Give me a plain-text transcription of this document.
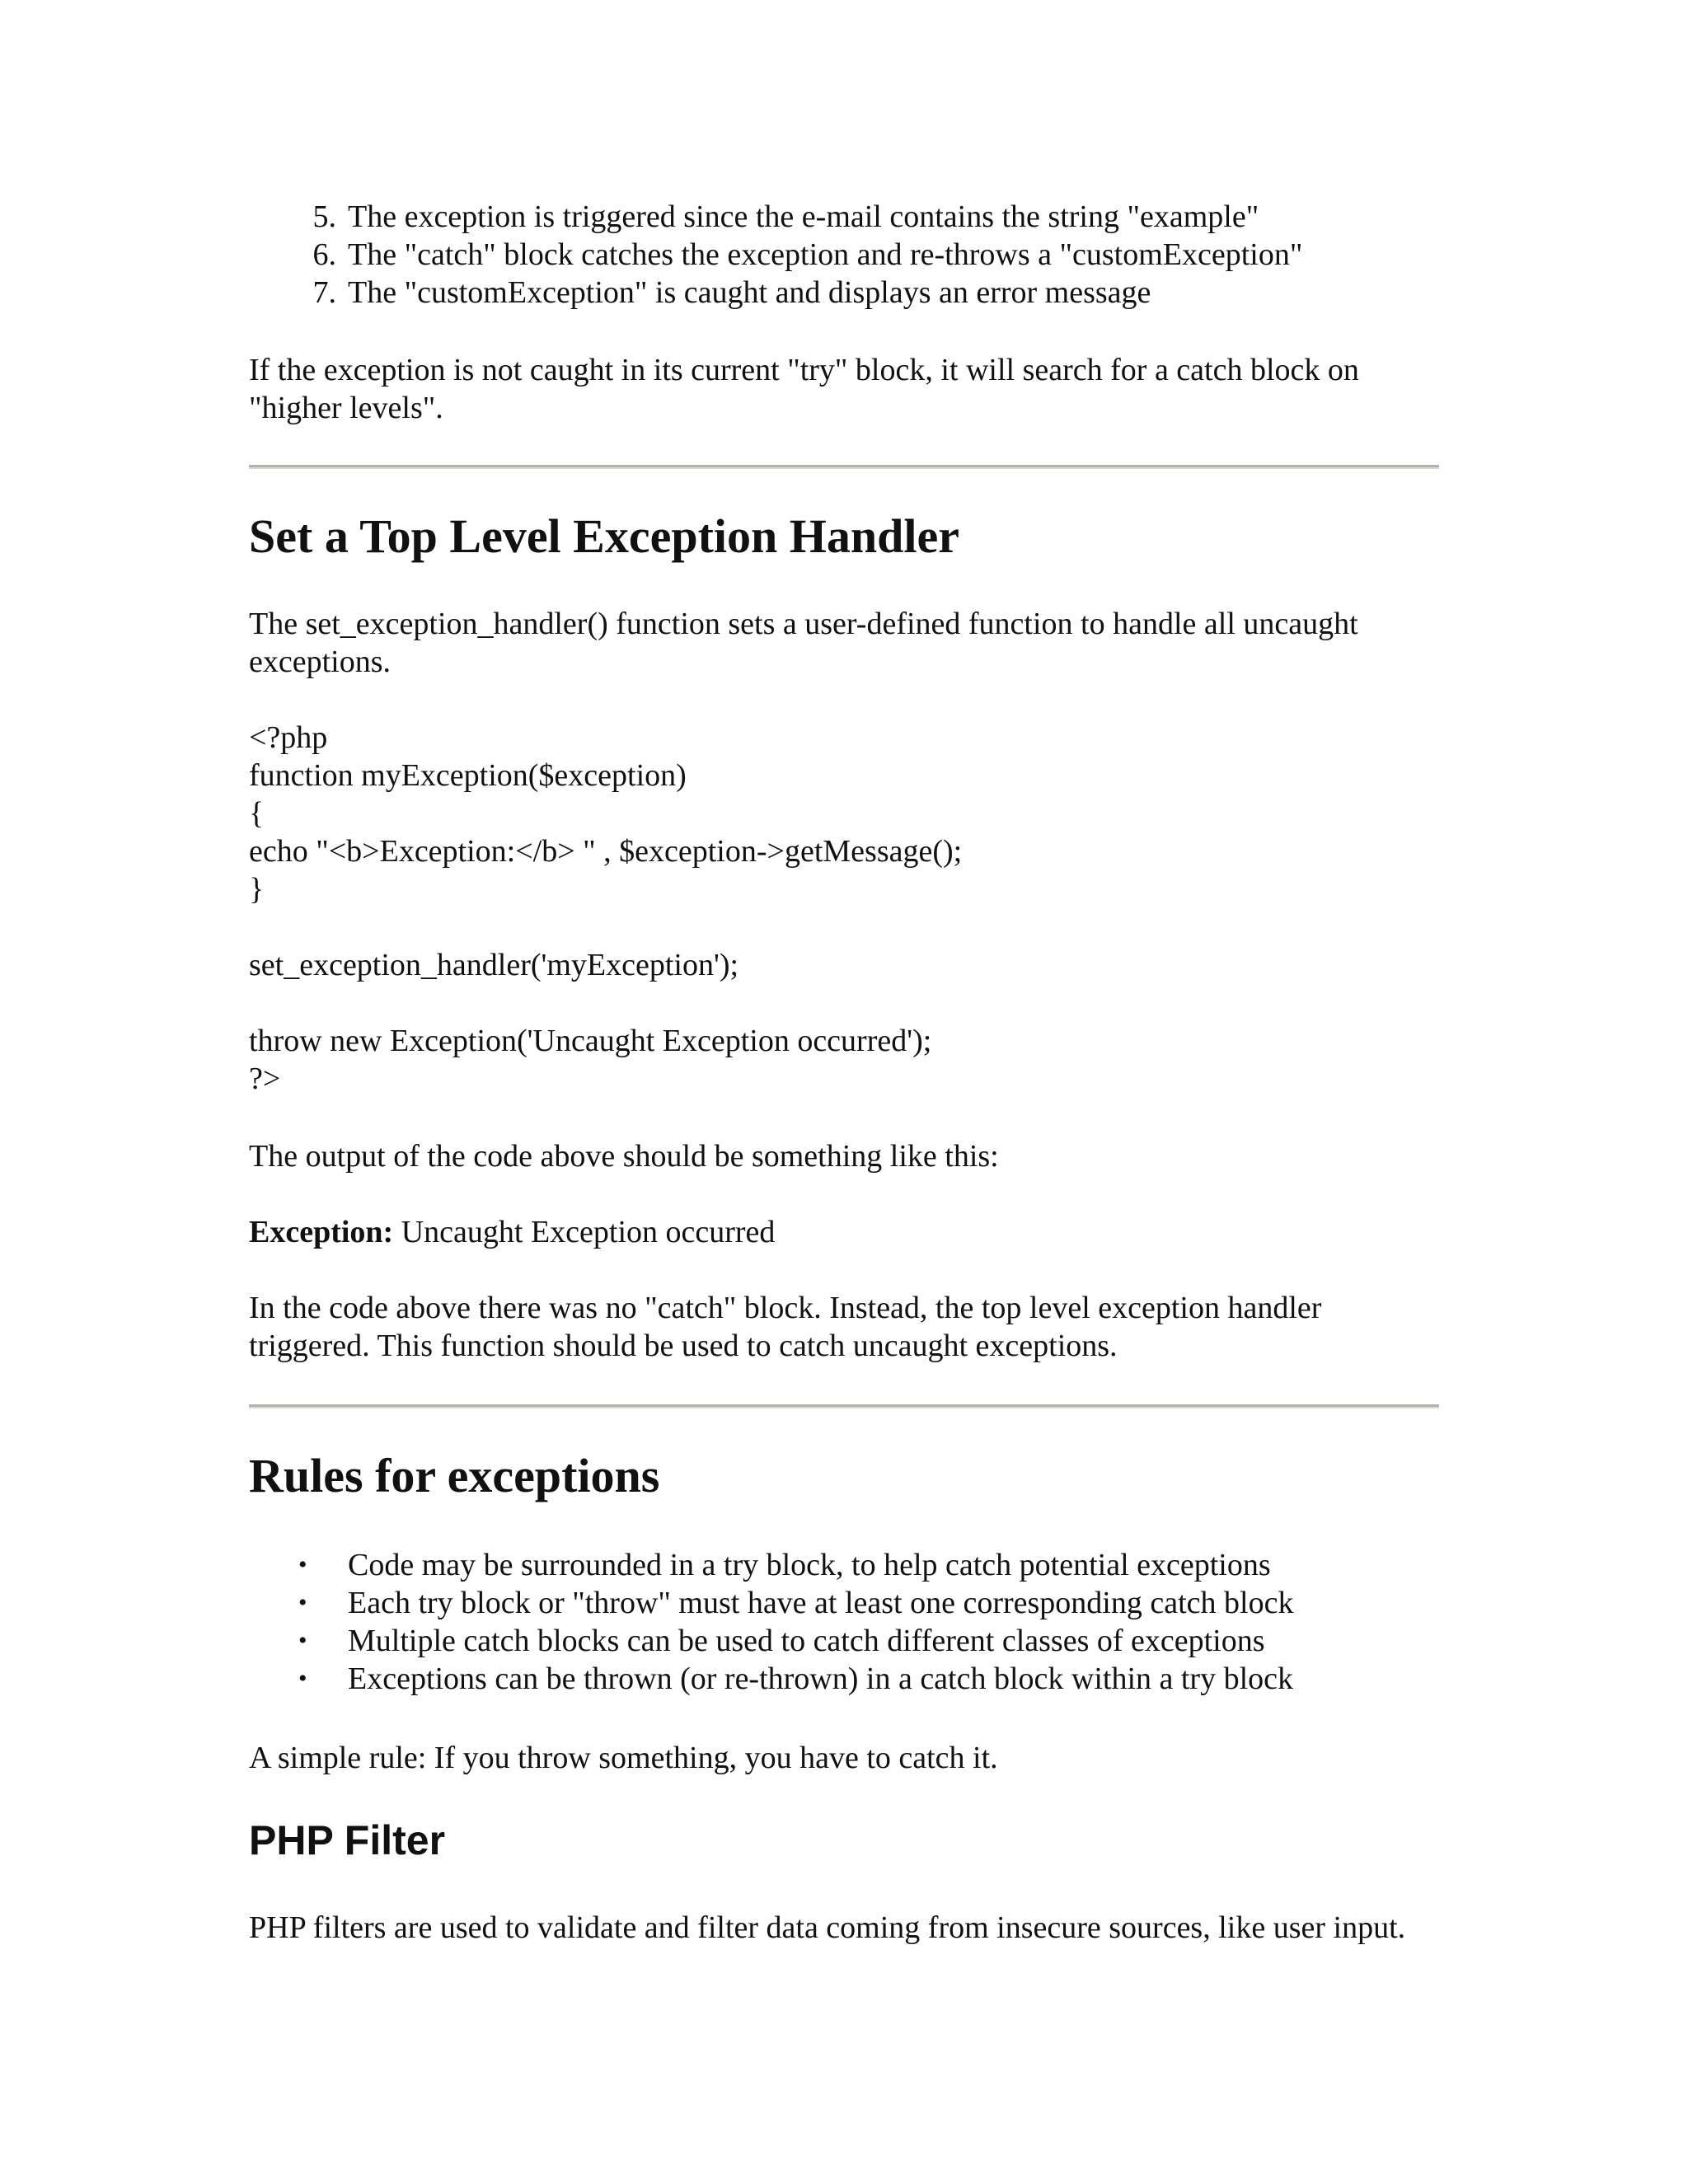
5. The exception is triggered since the e-mail contains the string "example"
6. The "catch" block catches the exception and re-throws a "customException"
7. The "customException" is caught and displays an error message

If the exception is not caught in its current "try" block, it will search for a catch block on "higher levels".

Set a Top Level Exception Handler

The set_exception_handler() function sets a user-defined function to handle all uncaught exceptions.

<?php
function myException($exception)
{
echo "<b>Exception:</b> " , $exception->getMessage();
}
set_exception_handler('myException');
throw new Exception('Uncaught Exception occurred');
?>

The output of the code above should be something like this:

Exception: Uncaught Exception occurred

In the code above there was no "catch" block. Instead, the top level exception handler triggered. This function should be used to catch uncaught exceptions.

Rules for exceptions
• Code may be surrounded in a try block, to help catch potential exceptions
• Each try block or "throw" must have at least one corresponding catch block
• Multiple catch blocks can be used to catch different classes of exceptions
• Exceptions can be thrown (or re-thrown) in a catch block within a try block

A simple rule: If you throw something, you have to catch it.

PHP Filter

PHP filters are used to validate and filter data coming from insecure sources, like user input.
